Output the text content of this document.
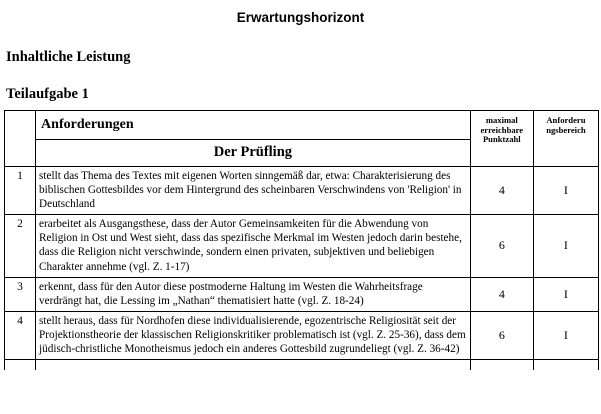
Erwartungshorizont
Inhaltliche Leistung
Teilaufgabe 1
	Anforderungen	maximal erreichbare Punktzahl	Anforderu ngsbereich
	Der Prüfling		
1	stellt das Thema des Textes mit eigenen Worten sinngemäß dar, etwa: Charakterisierung des biblischen Gottesbildes vor dem Hintergrund des scheinbaren Verschwindens von 'Religion' in Deutschland	4	I
2	erarbeitet als Ausgangsthese, dass der Autor Gemeinsamkeiten für die Abwendung von Religion in Ost und West sieht, dass das spezifische Merkmal im Westen jedoch darin bestehe, dass die Religion nicht verschwinde, sondern einen privaten, subjektiven und beliebigen Charakter annehme (vgl. Z. 1-17)	6	I
3	erkennt, dass für den Autor diese postmoderne Haltung im Westen die Wahrheitsfrage verdrängt hat, die Lessing im „Nathan“ thematisiert hatte (vgl. Z. 18-24)	4	I
4	stellt heraus, dass für Nordhofen diese individualisierende, egozentrische Religiosität seit der Projektionstheorie der klassischen Religionskritiker problematisch ist (vgl. Z. 25-36), dass dem jüdisch-christliche Monotheismus jedoch ein anderes Gottesbild zugrundeliegt (vgl. Z. 36-42)	6	I
